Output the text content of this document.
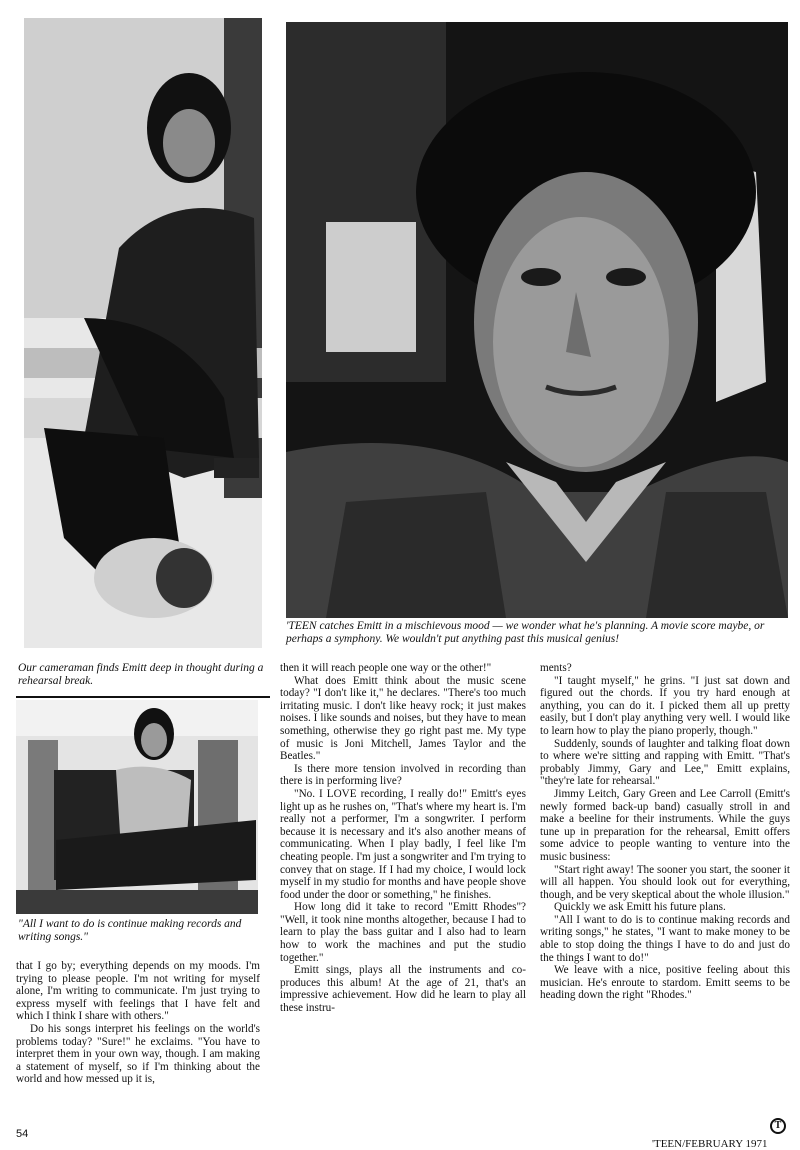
Our cameraman finds Emitt deep in thought during a rehearsal break.
'TEEN catches Emitt in a mischievous mood — we wonder what he's planning. A movie score maybe, or perhaps a symphony. We wouldn't put anything past this musical genius!
"All I want to do is continue making records and writing songs."

that I go by; everything depends on my moods. I'm trying to please people. I'm not writing for myself alone, I'm writing to communicate. I'm just trying to express myself with feelings that I have felt and which I think I share with others."

Do his songs interpret his feelings on the world's problems today? "Sure!" he exclaims. "You have to interpret them in your own way, though. I am making a statement of myself, so if I'm thinking about the world and how messed up it is,

then it will reach people one way or the other!"

What does Emitt think about the music scene today? "I don't like it," he declares. "There's too much irritating music. I don't like heavy rock; it just makes noises. I like sounds and noises, but they have to mean something, otherwise they go right past me. My type of music is Joni Mitchell, James Taylor and the Beatles."

Is there more tension involved in recording than there is in performing live?

"No. I LOVE recording, I really do!" Emitt's eyes light up as he rushes on, "That's where my heart is. I'm really not a performer, I'm a songwriter. I perform because it is necessary and it's also another means of communicating. When I play badly, I feel like I'm cheating people. I'm just a songwriter and I'm trying to convey that on stage. If I had my choice, I would lock myself in my studio for months and have people shove food under the door or something," he finishes.

How long did it take to record "Emitt Rhodes"? "Well, it took nine months altogether, because I had to learn to play the bass guitar and I also had to learn how to work the machines and put the studio together."

Emitt sings, plays all the instruments and co-produces this album! At the age of 21, that's an impressive achievement. How did he learn to play all these instru-

ments?

"I taught myself," he grins. "I just sat down and figured out the chords. If you try hard enough at anything, you can do it. I picked them all up pretty easily, but I don't play anything very well. I would like to learn how to play the piano properly, though."

Suddenly, sounds of laughter and talking float down to where we're sitting and rapping with Emitt. "That's probably Jimmy, Gary and Lee," Emitt explains, "they're late for rehearsal."

Jimmy Leitch, Gary Green and Lee Carroll (Emitt's newly formed back-up band) casually stroll in and make a beeline for their instruments. While the guys tune up in preparation for the rehearsal, Emitt offers some advice to people wanting to venture into the music business:

"Start right away! The sooner you start, the sooner it will all happen. You should look out for everything, though, and be very skeptical about the whole illusion."

Quickly we ask Emitt his future plans.

"All I want to do is to continue making records and writing songs," he states, "I want to make money to be able to stop doing the things I have to do and just do the things I want to do!"

We leave with a nice, positive feeling about this musician. He's enroute to stardom. Emitt seems to be heading down the right "Rhodes."

54
'TEEN/FEBRUARY 1971
T
